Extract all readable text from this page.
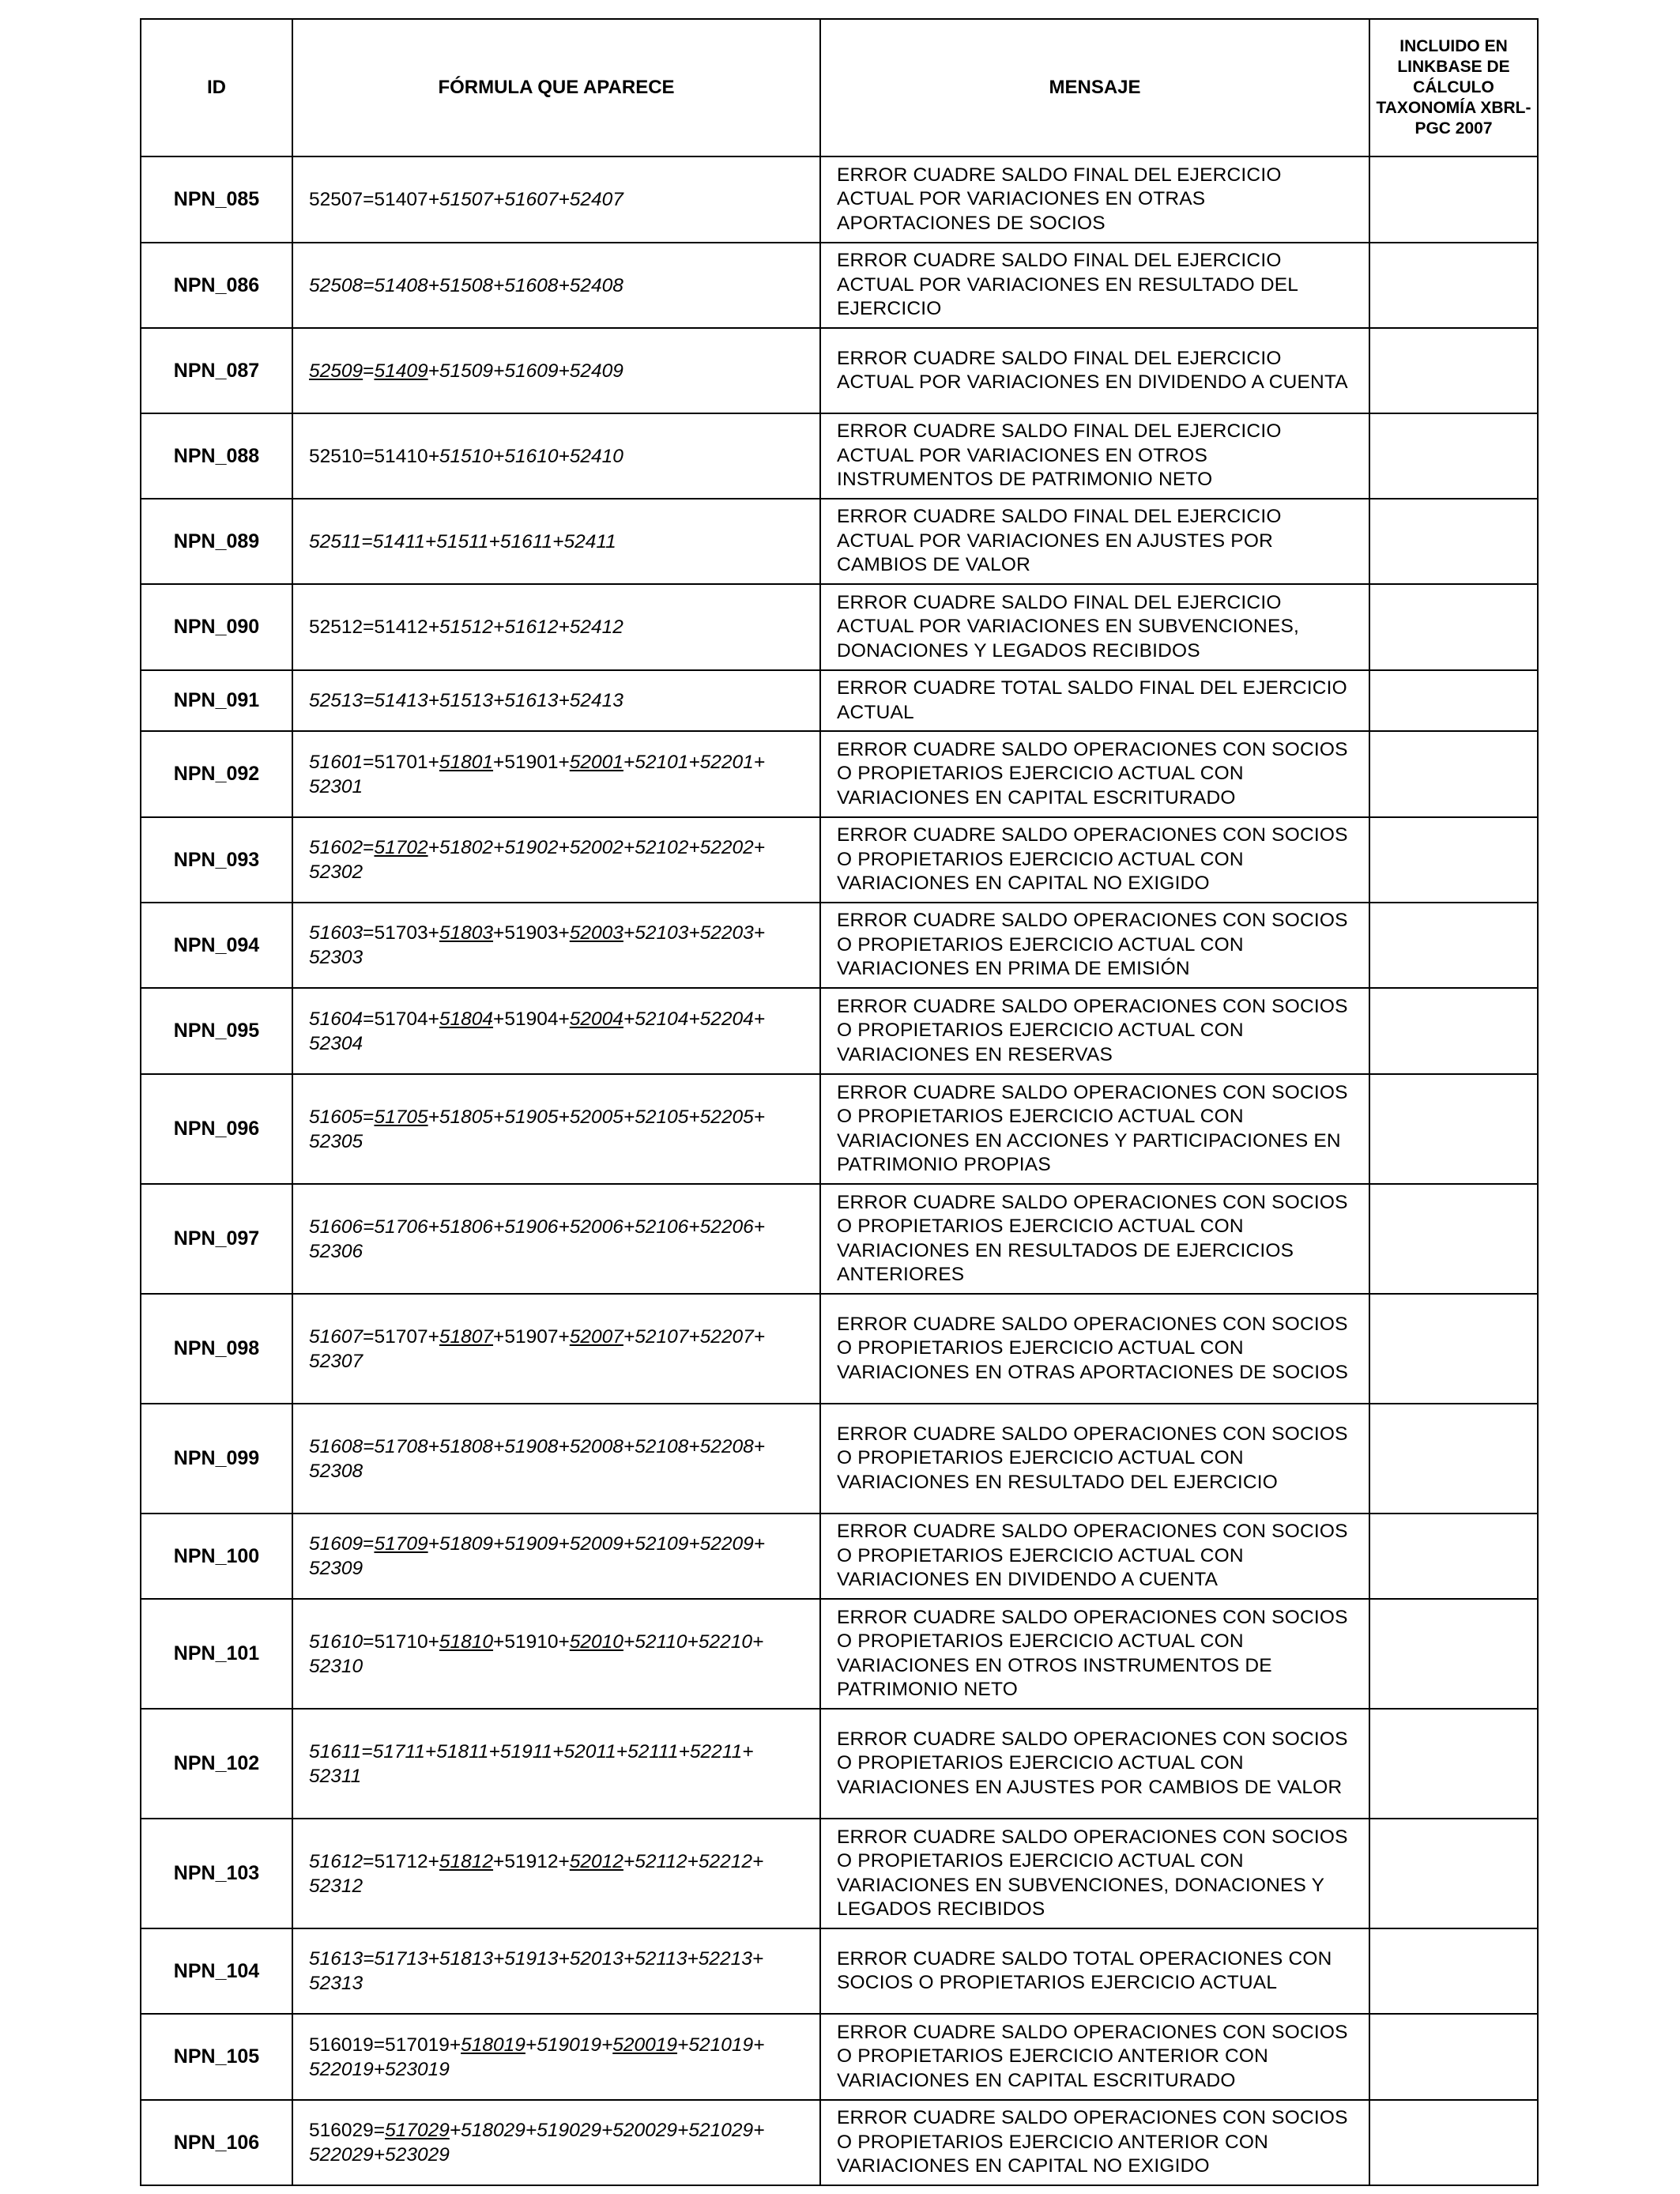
ID	FÓRMULA QUE APARECE	MENSAJE	INCLUIDO EN LINKBASE DE CÁLCULO TAXONOMÍA XBRL-PGC 2007
NPN_085	52507=51407+51507+51607+52407	ERROR CUADRE SALDO FINAL DEL EJERCICIO ACTUAL POR VARIACIONES EN OTRAS APORTACIONES DE SOCIOS	
NPN_086	52508=51408+51508+51608+52408	ERROR CUADRE SALDO FINAL DEL EJERCICIO ACTUAL POR VARIACIONES EN RESULTADO DEL EJERCICIO	
NPN_087	52509=51409+51509+51609+52409	ERROR CUADRE SALDO FINAL DEL EJERCICIO ACTUAL POR VARIACIONES EN DIVIDENDO A CUENTA	
NPN_088	52510=51410+51510+51610+52410	ERROR CUADRE SALDO FINAL DEL EJERCICIO ACTUAL POR VARIACIONES EN OTROS INSTRUMENTOS DE PATRIMONIO NETO	
NPN_089	52511=51411+51511+51611+52411	ERROR CUADRE SALDO FINAL DEL EJERCICIO ACTUAL POR VARIACIONES EN AJUSTES POR CAMBIOS DE VALOR	
NPN_090	52512=51412+51512+51612+52412	ERROR CUADRE SALDO FINAL DEL EJERCICIO ACTUAL POR VARIACIONES EN SUBVENCIONES, DONACIONES Y LEGADOS RECIBIDOS	
NPN_091	52513=51413+51513+51613+52413	ERROR CUADRE TOTAL SALDO FINAL DEL EJERCICIO ACTUAL	
NPN_092	51601=51701+51801+51901+52001+52101+52201+ 52301	ERROR CUADRE SALDO OPERACIONES CON SOCIOS O PROPIETARIOS EJERCICIO ACTUAL CON VARIACIONES EN CAPITAL ESCRITURADO	
NPN_093	51602=51702+51802+51902+52002+52102+52202+ 52302	ERROR CUADRE SALDO OPERACIONES CON SOCIOS O PROPIETARIOS EJERCICIO ACTUAL CON VARIACIONES EN CAPITAL NO EXIGIDO	
NPN_094	51603=51703+51803+51903+52003+52103+52203+ 52303	ERROR CUADRE SALDO OPERACIONES CON SOCIOS O PROPIETARIOS EJERCICIO ACTUAL CON VARIACIONES EN PRIMA DE EMISIÓN	
NPN_095	51604=51704+51804+51904+52004+52104+52204+ 52304	ERROR CUADRE SALDO OPERACIONES CON SOCIOS O PROPIETARIOS EJERCICIO ACTUAL CON VARIACIONES EN RESERVAS	
NPN_096	51605=51705+51805+51905+52005+52105+52205+ 52305	ERROR CUADRE SALDO OPERACIONES CON SOCIOS O PROPIETARIOS EJERCICIO ACTUAL CON VARIACIONES EN ACCIONES Y PARTICIPACIONES EN PATRIMONIO PROPIAS	
NPN_097	51606=51706+51806+51906+52006+52106+52206+ 52306	ERROR CUADRE SALDO OPERACIONES CON SOCIOS O PROPIETARIOS EJERCICIO ACTUAL CON VARIACIONES EN RESULTADOS DE EJERCICIOS ANTERIORES	
NPN_098	51607=51707+51807+51907+52007+52107+52207+ 52307	ERROR CUADRE SALDO OPERACIONES CON SOCIOS O PROPIETARIOS EJERCICIO ACTUAL CON VARIACIONES EN OTRAS APORTACIONES DE SOCIOS	
NPN_099	51608=51708+51808+51908+52008+52108+52208+ 52308	ERROR CUADRE SALDO OPERACIONES CON SOCIOS O PROPIETARIOS EJERCICIO ACTUAL CON VARIACIONES EN RESULTADO DEL EJERCICIO	
NPN_100	51609=51709+51809+51909+52009+52109+52209+ 52309	ERROR CUADRE SALDO OPERACIONES CON SOCIOS O PROPIETARIOS EJERCICIO ACTUAL CON VARIACIONES EN DIVIDENDO A CUENTA	
NPN_101	51610=51710+51810+51910+52010+52110+52210+ 52310	ERROR CUADRE SALDO OPERACIONES CON SOCIOS O PROPIETARIOS EJERCICIO ACTUAL CON VARIACIONES EN OTROS INSTRUMENTOS DE PATRIMONIO NETO	
NPN_102	51611=51711+51811+51911+52011+52111+52211+ 52311	ERROR CUADRE SALDO OPERACIONES CON SOCIOS O PROPIETARIOS EJERCICIO ACTUAL CON VARIACIONES EN AJUSTES POR CAMBIOS DE VALOR	
NPN_103	51612=51712+51812+51912+52012+52112+52212+ 52312	ERROR CUADRE SALDO OPERACIONES CON SOCIOS O PROPIETARIOS EJERCICIO ACTUAL CON VARIACIONES EN SUBVENCIONES, DONACIONES Y LEGADOS RECIBIDOS	
NPN_104	51613=51713+51813+51913+52013+52113+52213+ 52313	ERROR CUADRE SALDO TOTAL OPERACIONES CON SOCIOS O PROPIETARIOS EJERCICIO ACTUAL	
NPN_105	516019=517019+518019+519019+520019+521019+ 522019+523019	ERROR CUADRE SALDO OPERACIONES CON SOCIOS O PROPIETARIOS EJERCICIO ANTERIOR CON VARIACIONES EN CAPITAL ESCRITURADO	
NPN_106	516029=517029+518029+519029+520029+521029+ 522029+523029	ERROR CUADRE SALDO OPERACIONES CON SOCIOS O PROPIETARIOS EJERCICIO ANTERIOR CON VARIACIONES EN CAPITAL NO EXIGIDO	
